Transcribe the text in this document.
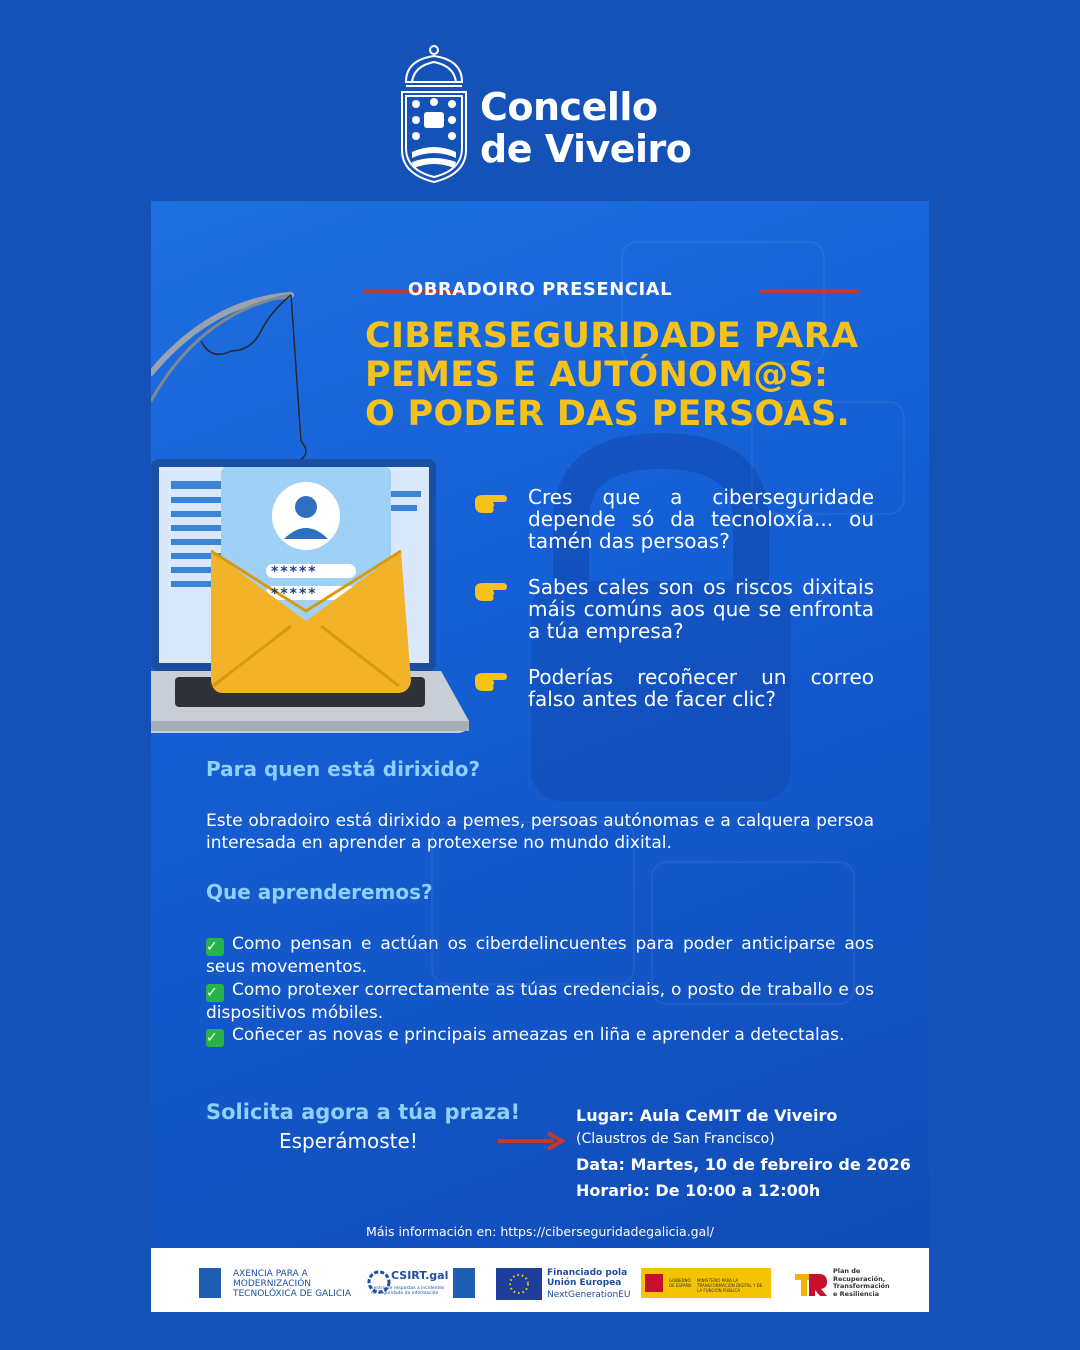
Concello
de Viveiro
OBRADOIRO PRESENCIAL
CIBERSEGURIDADE PARA
PEMES E AUTÓNOM@S:
O PODER DAS PERSOAS.
*****
*****
Cres que a ciberseguridade depende só da tecnoloxía... ou tamén das persoas?
Sabes cales son os riscos dixitais máis comúns aos que se enfronta a túa empresa?
Poderías recoñecer un correo falso antes de facer clic?
Para quen está dirixido?
Este obradoiro está dirixido a pemes, persoas autónomas e a calquera persoa interesada en aprender a protexerse no mundo dixital.
Que aprenderemos?
✓ Como pensan e actúan os ciberdelincuentes para poder anticiparse aos seus movementos.
✓ Como protexer correctamente as túas credenciais, o posto de traballo e os dispositivos móbiles.
✓ Coñecer as novas e principais ameazas en liña e aprender a detectalas.
Solicita agora a túa praza!
Esperámoste!
Lugar: Aula CeMIT de Viveiro
(Claustros de San Francisco)
Data: Martes, 10 de febreiro de 2026
Horario: De 10:00 a 12:00h
Máis información en: https://ciberseguridadegalicia.gal/
AXENCIA PARA A
MODERNIZACIÓN
TECNOLÓXICA DE GALICIA
CSIRT.gal
centro de respostas a incidentes de seguridade da información
Financiado pola
Unión Europea
NextGenerationEU
GOBIERNO DE ESPAÑA
MINISTERIO PARA LA TRANSFORMACIÓN DIGITAL Y DE LA FUNCIÓN PÚBLICA
Plan de
Recuperación,
Transformación
e Resiliencia
